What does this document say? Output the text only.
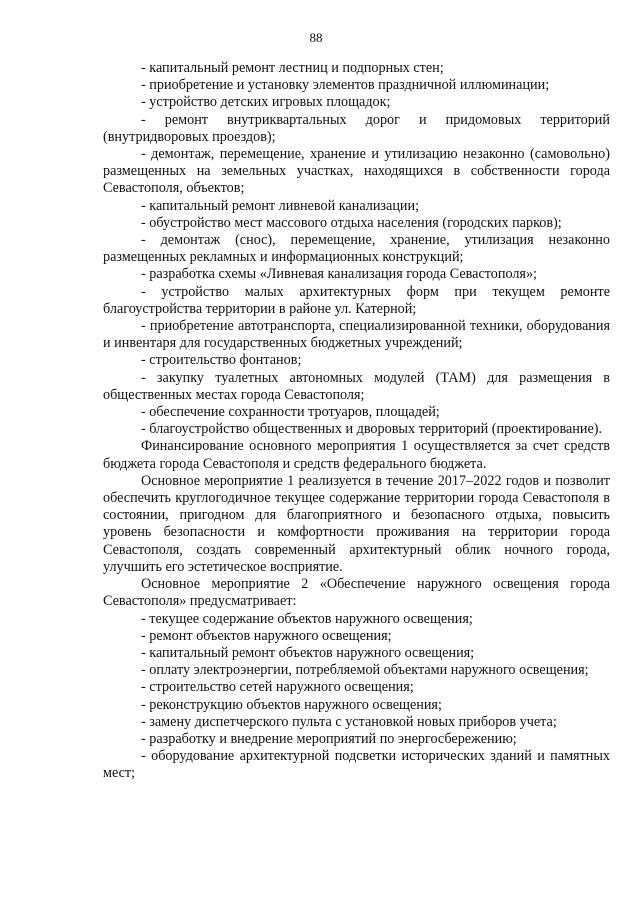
88

- капитальный ремонт лестниц и подпорных стен;

- приобретение и установку элементов праздничной иллюминации;

- устройство детских игровых площадок;

- ремонт внутриквартальных дорог и придомовых территорий (внутридворовых проездов);

- демонтаж, перемещение, хранение и утилизацию незаконно (самовольно) размещенных на земельных участках, находящихся в собственности города Севастополя, объектов;

- капитальный ремонт ливневой канализации;

- обустройство мест массового отдыха населения (городских парков);

- демонтаж (снос), перемещение, хранение, утилизация незаконно размещенных рекламных и информационных конструкций;

- разработка схемы «Ливневая канализация города Севастополя»;

- устройство малых архитектурных форм при текущем ремонте благоустройства территории в районе ул. Катерной;

- приобретение автотранспорта, специализированной техники, оборудования и инвентаря для государственных бюджетных учреждений;

- строительство фонтанов;

- закупку туалетных автономных модулей (ТАМ) для размещения в общественных местах города Севастополя;

- обеспечение сохранности тротуаров, площадей;

- благоустройство общественных и дворовых территорий (проектирование).

Финансирование основного мероприятия 1 осуществляется за счет средств бюджета города Севастополя и средств федерального бюджета.

Основное мероприятие 1 реализуется в течение 2017–2022 годов и позволит обеспечить круглогодичное текущее содержание территории города Севастополя в состоянии, пригодном для благоприятного и безопасного отдыха, повысить уровень безопасности и комфортности проживания на территории города Севастополя, создать современный архитектурный облик ночного города, улучшить его эстетическое восприятие.

Основное мероприятие 2 «Обеспечение наружного освещения города Севастополя» предусматривает:

- текущее содержание объектов наружного освещения;

- ремонт объектов наружного освещения;

- капитальный ремонт объектов наружного освещения;

- оплату электроэнергии, потребляемой объектами наружного освещения;

- строительство сетей наружного освещения;

- реконструкцию объектов наружного освещения;

- замену диспетчерского пульта с установкой новых приборов учета;

- разработку и внедрение мероприятий по энергосбережению;

- оборудование архитектурной подсветки исторических зданий и памятных мест;
